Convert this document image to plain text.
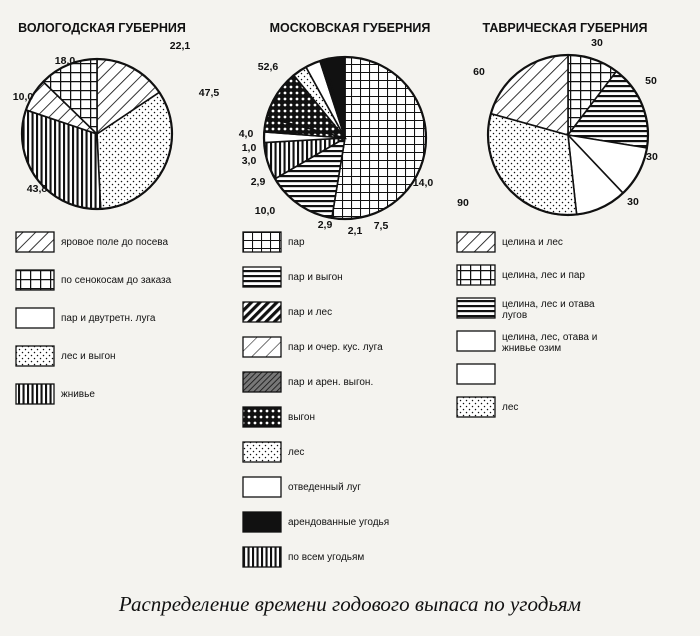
ВОЛОГОДСКАЯ ГУБЕРНИЯ
22,1
47,5
43,8
10,0
18,0
яровое поле до посева
по сенокосам до заказа
пар и двутретн. луга
лес и выгон
жнивье
МОСКОВСКАЯ ГУБЕРНИЯ
52,6
14,0
7,5
2,1
2,9
10,0
2,9
3,0
1,0
4,0
пар
пар и выгон
пар и лес
пар и очер. кус. луга
пар и арен. выгон.
выгон
лес
отведенный луг
арендованные угодья
по всем угодьям
ТАВРИЧЕСКАЯ ГУБЕРНИЯ
30
50
30
30
90
60
целина и лес
целина, лес и пар
целина, лес и отава
лугов
целина, лес, отава и
жнивье озим
лес
Распределение времени годового выпаса по угодьям
